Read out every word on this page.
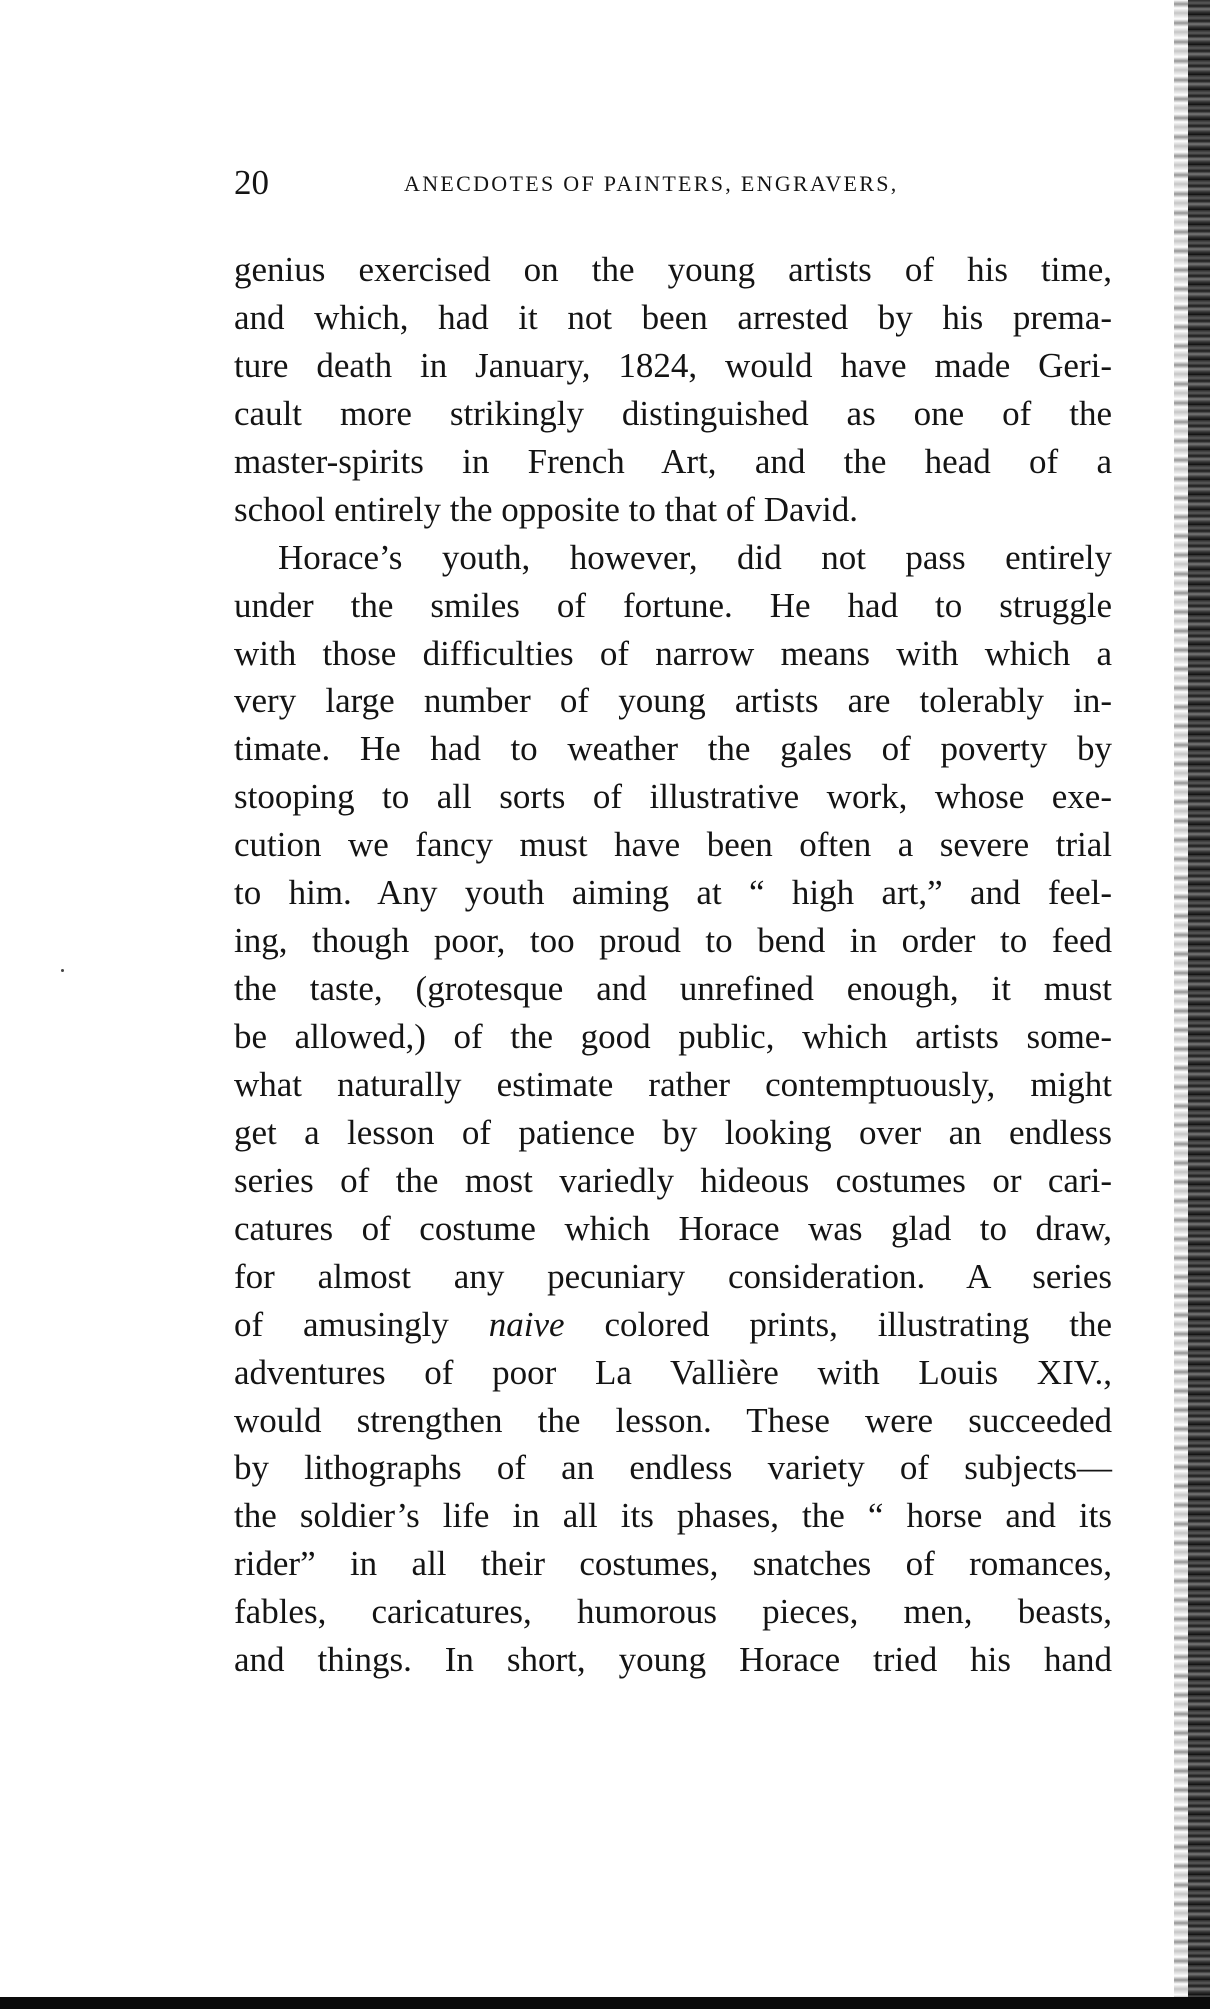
20	ANECDOTES OF PAINTERS, ENGRAVERS,
genius exercised on the young artists of his time,
and which, had it not been arrested by his prema-
ture death in January, 1824, would have made Geri-
cault more strikingly distinguished as one of the
master-spirits in French Art, and the head of a
school entirely the opposite to that of David.
Horace’s youth, however, did not pass entirely
under the smiles of fortune. He had to struggle
with those difficulties of narrow means with which a
very large number of young artists are tolerably in-
timate. He had to weather the gales of poverty by
stooping to all sorts of illustrative work, whose exe-
cution we fancy must have been often a severe trial
to him. Any youth aiming at “ high art,” and feel-
ing, though poor, too proud to bend in order to feed
the taste, (grotesque and unrefined enough, it must
be allowed,) of the good public, which artists some-
what naturally estimate rather contemptuously, might
get a lesson of patience by looking over an endless
series of the most variedly hideous costumes or cari-
catures of costume which Horace was glad to draw,
for almost any pecuniary consideration. A series
of amusingly naive colored prints, illustrating the
adventures of poor La Vallière with Louis XIV.,
would strengthen the lesson. These were succeeded
by lithographs of an endless variety of subjects—
the soldier’s life in all its phases, the “ horse and its
rider” in all their costumes, snatches of romances,
fables, caricatures, humorous pieces, men, beasts,
and things. In short, young Horace tried his hand
